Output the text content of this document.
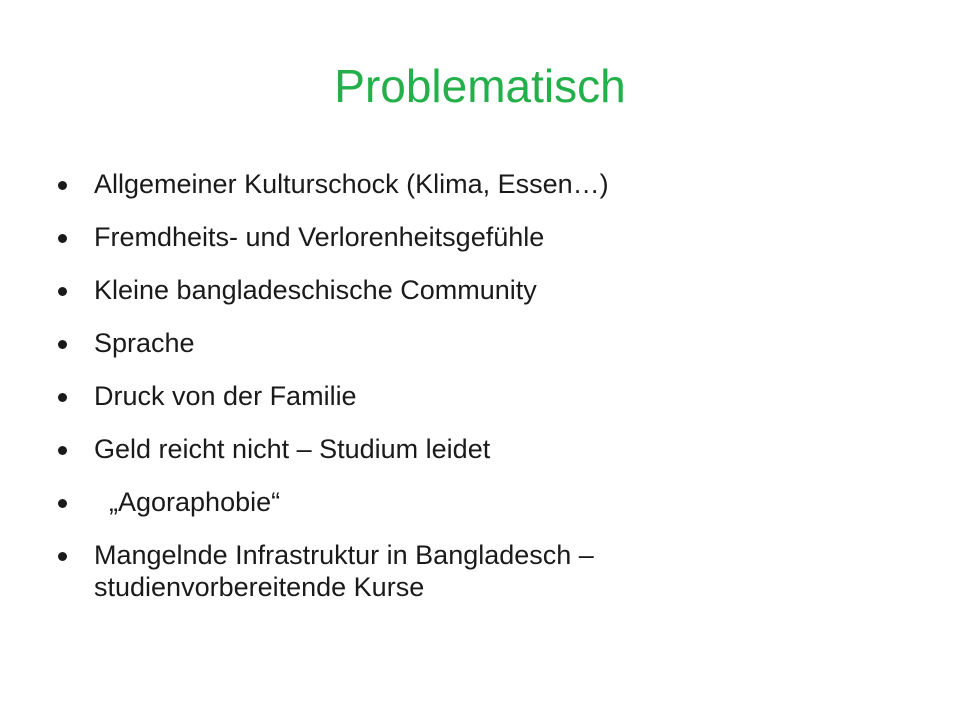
Problematisch
Allgemeiner Kulturschock (Klima, Essen…)
Fremdheits- und Verlorenheitsgefühle
Kleine bangladeschische Community
Sprache
Druck von der Familie
Geld reicht nicht – Studium leidet
„Agoraphobie“
Mangelnde Infrastruktur in Bangladesch – studienvorbereitende Kurse
